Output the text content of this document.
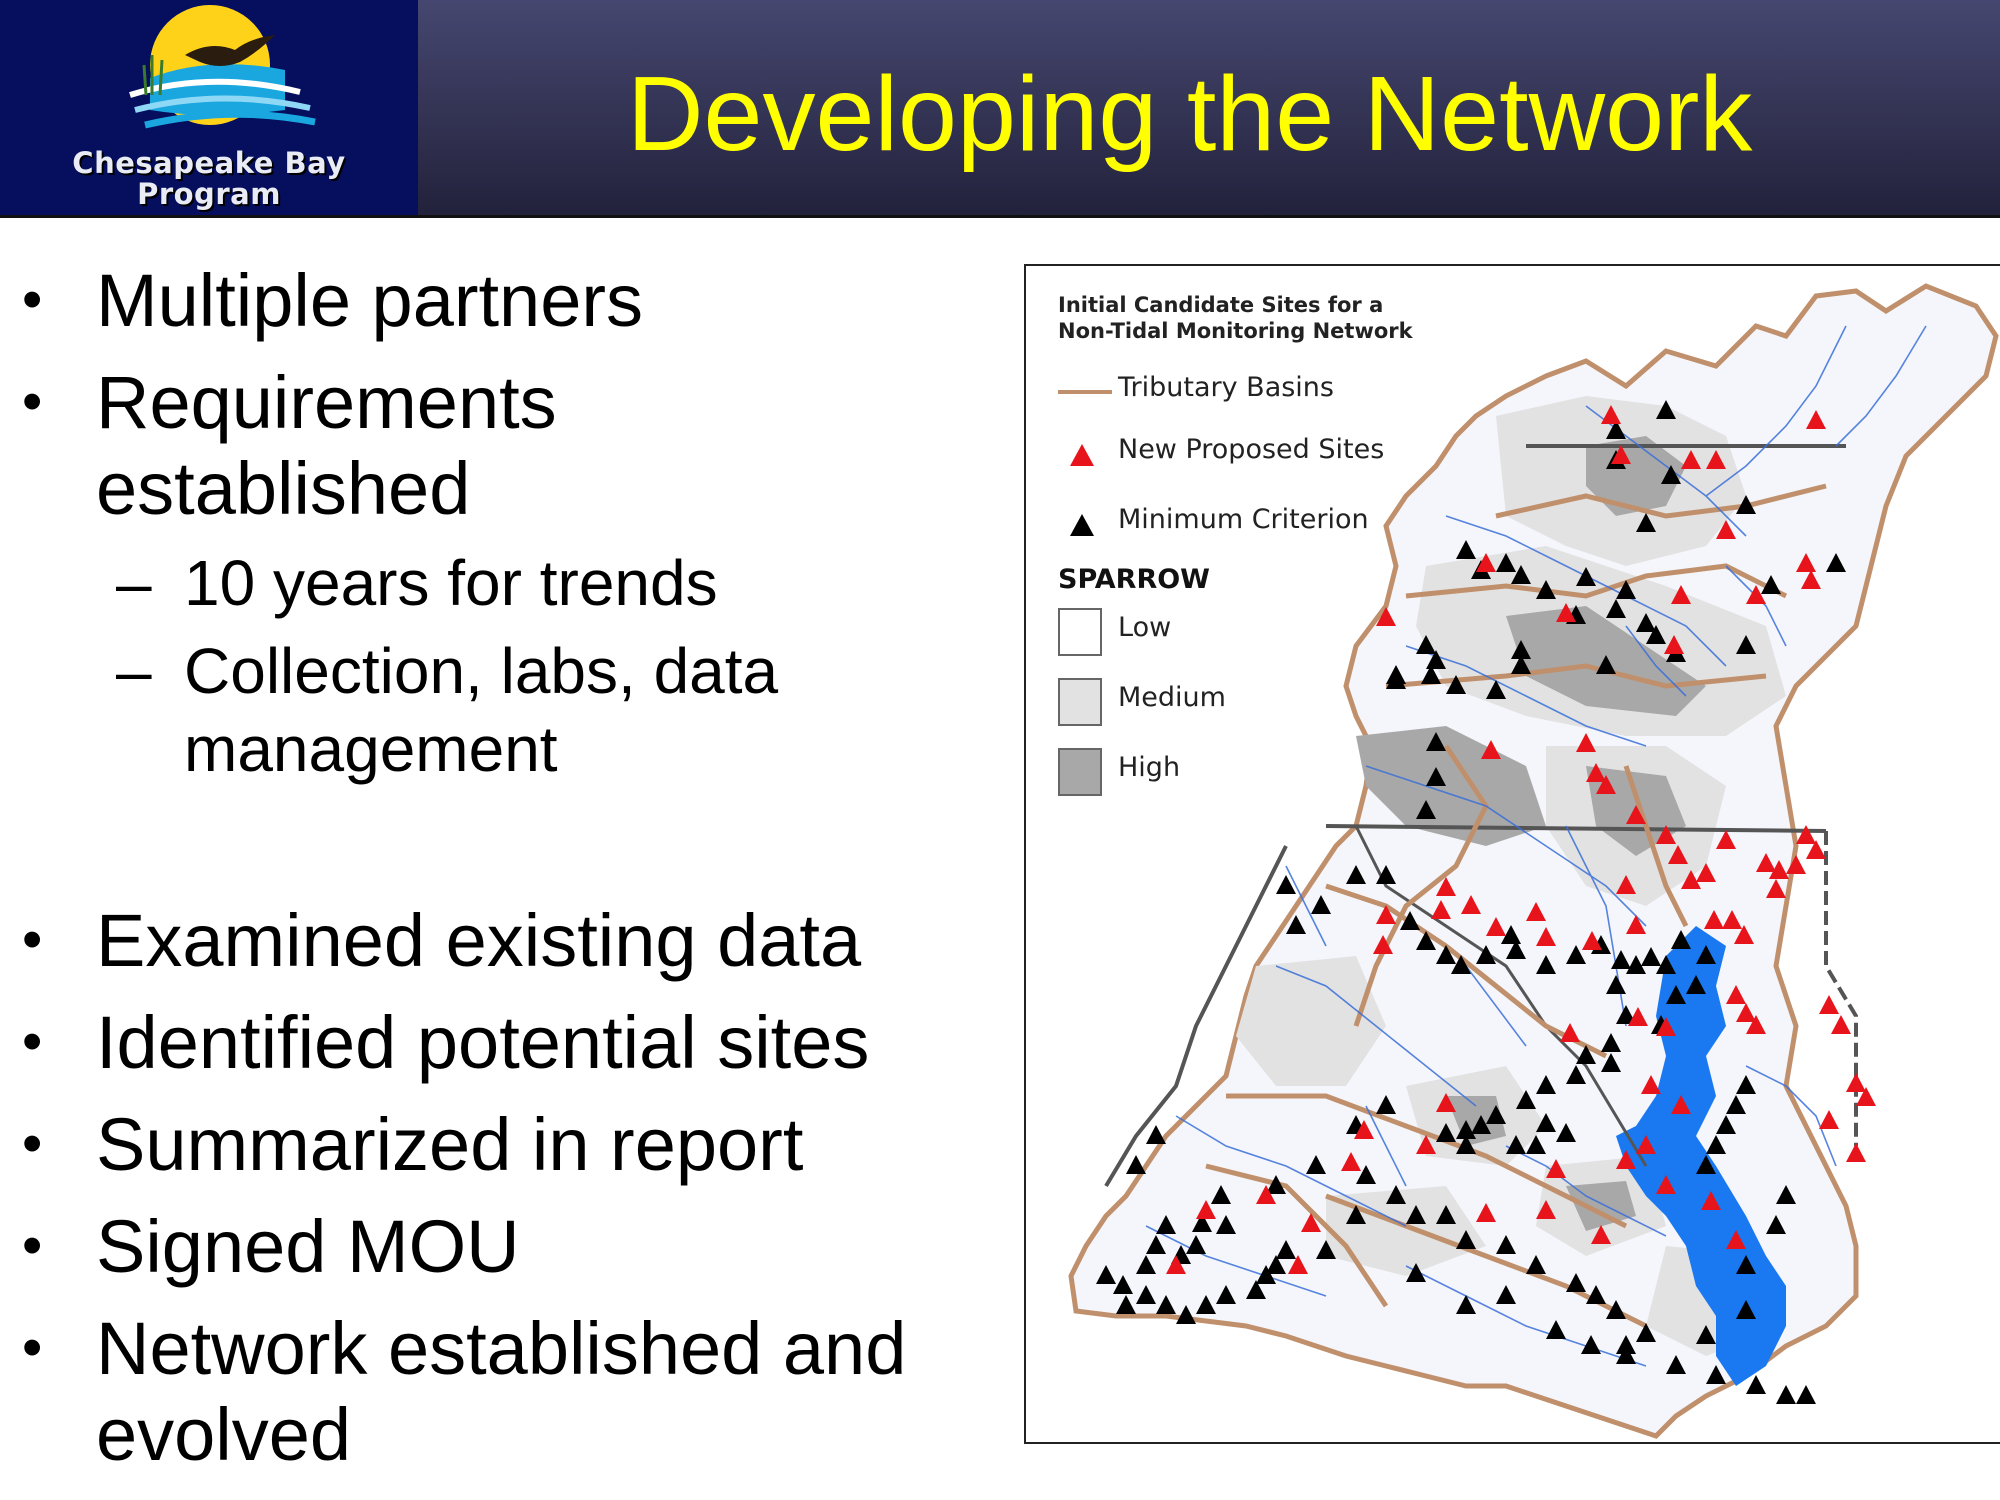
Chesapeake Bay
Program
Developing the Network
• Multiple partners
• Requirements established
– 10 years for trends
– Collection, labs, data management
• Examined existing data
• Identified potential sites
• Summarized in report
• Signed MOU
• Network established and evolved
Initial Candidate Sites for a
Non-Tidal Monitoring Network
Tributary Basins
New Proposed Sites
Minimum Criterion
SPARROW
Low
Medium
High
